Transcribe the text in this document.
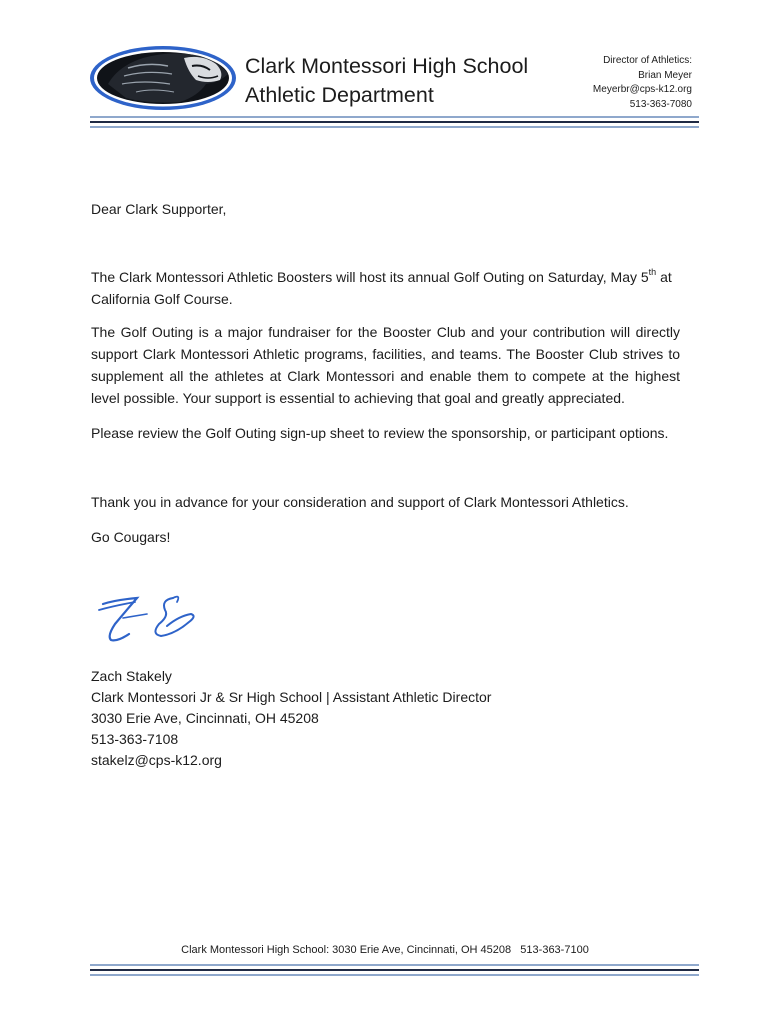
Clark Montessori High School
Athletic Department
Director of Athletics:
Brian Meyer
Meyerbr@cps-k12.org
513-363-7080
Dear Clark Supporter,

The Clark Montessori Athletic Boosters will host its annual Golf Outing on Saturday, May 5th at California Golf Course.

The Golf Outing is a major fundraiser for the Booster Club and your contribution will directly support Clark Montessori Athletic programs, facilities, and teams. The Booster Club strives to supplement all the athletes at Clark Montessori and enable them to compete at the highest level possible. Your support is essential to achieving that goal and greatly appreciated.

Please review the Golf Outing sign-up sheet to review the sponsorship, or participant options.
Thank you in advance for your consideration and support of Clark Montessori Athletics.
Go Cougars!
Zach Stakely
Clark Montessori Jr & Sr High School | Assistant Athletic Director
3030 Erie Ave, Cincinnati, OH 45208
513-363-7108
stakelz@cps-k12.org
Clark Montessori High School: 3030 Erie Ave, Cincinnati, OH 45208   513-363-7100
